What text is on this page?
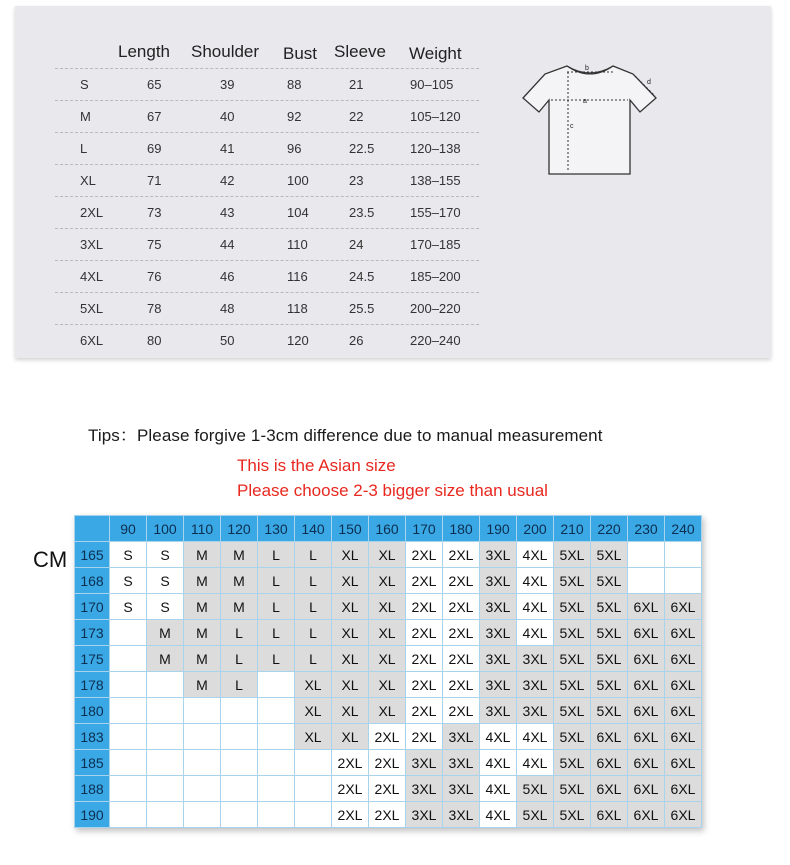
Length Shoulder Bust Sleeve Weight
S	65	39	88	21	90–105
M	67	40	92	22	105–120
L	69	41	96	22.5	120–138
XL	71	42	100	23	138–155
2XL	73	43	104	23.5	155–170
3XL	75	44	110	24	170–185
4XL	76	46	116	24.5	185–200
5XL	78	48	118	25.5	200–220
6XL	80	50	120	26	220–240
a
b
c
d
Tips：Please forgive 1-3cm difference due to manual measurement
This is the Asian size
Please choose 2-3 bigger size than usual
CM
	90	100	110	120	130	140	150	160	170	180	190	200	210	220	230	240
165	S	S	M	M	L	L	XL	XL	2XL	2XL	3XL	4XL	5XL	5XL		
168	S	S	M	M	L	L	XL	XL	2XL	2XL	3XL	4XL	5XL	5XL		
170	S	S	M	M	L	L	XL	XL	2XL	2XL	3XL	4XL	5XL	5XL	6XL	6XL
173		M	M	L	L	L	XL	XL	2XL	2XL	3XL	4XL	5XL	5XL	6XL	6XL
175		M	M	L	L	L	XL	XL	2XL	2XL	3XL	3XL	5XL	5XL	6XL	6XL
178			M	L		XL	XL	XL	2XL	2XL	3XL	3XL	5XL	5XL	6XL	6XL
180						XL	XL	XL	2XL	2XL	3XL	3XL	5XL	5XL	6XL	6XL
183						XL	XL	2XL	2XL	3XL	4XL	4XL	5XL	6XL	6XL	6XL
185							2XL	2XL	3XL	3XL	4XL	4XL	5XL	6XL	6XL	6XL
188							2XL	2XL	3XL	3XL	4XL	5XL	5XL	6XL	6XL	6XL
190							2XL	2XL	3XL	3XL	4XL	5XL	5XL	6XL	6XL	6XL
